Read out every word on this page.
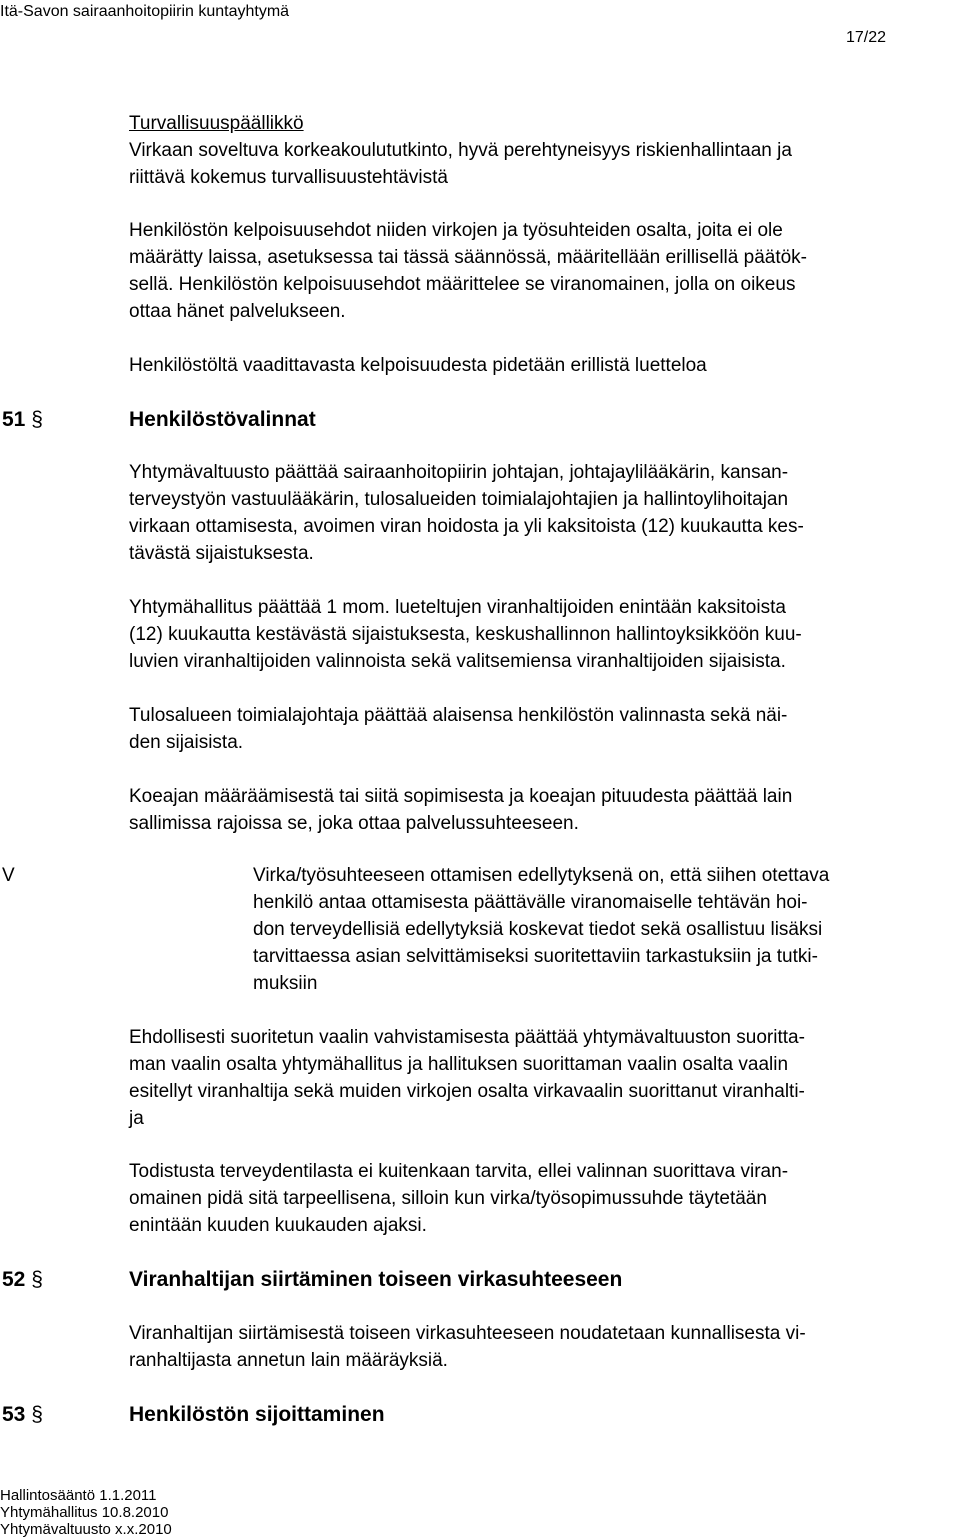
Itä-Savon sairaanhoitopiirin kuntayhtymä
17/22
Turvallisuuspäällikkö
Virkaan soveltuva korkeakoulututkinto, hyvä perehtyneisyys riskienhallintaan ja
riittävä kokemus turvallisuustehtävistä
Henkilöstön kelpoisuusehdot niiden virkojen ja työsuhteiden osalta, joita ei ole
määrätty laissa, asetuksessa tai tässä säännössä, määritellään erillisellä päätök-
sellä. Henkilöstön kelpoisuusehdot määrittelee se viranomainen, jolla on oikeus
ottaa hänet palvelukseen.
Henkilöstöltä vaadittavasta kelpoisuudesta pidetään erillistä luetteloa
51 §	Henkilöstövalinnat
Yhtymävaltuusto päättää sairaanhoitopiirin johtajan, johtajaylilääkärin, kansan-
terveystyön vastuulääkärin, tulosalueiden toimialajohtajien ja hallintoylihoitajan
virkaan ottamisesta, avoimen viran hoidosta ja yli kaksitoista (12) kuukautta kes-
tävästä sijaistuksesta.
Yhtymähallitus päättää 1 mom. lueteltujen viranhaltijoiden enintään kaksitoista
(12) kuukautta kestävästä sijaistuksesta, keskushallinnon hallintoyksikköön kuu-
luvien viranhaltijoiden valinnoista sekä valitsemiensa viranhaltijoiden sijaisista.
Tulosalueen toimialajohtaja päättää alaisensa henkilöstön valinnasta sekä näi-
den sijaisista.
Koeajan määräämisestä tai siitä sopimisesta ja koeajan pituudesta päättää lain
sallimissa rajoissa se, joka ottaa palvelussuhteeseen.
V	Virka/työsuhteeseen ottamisen edellytyksenä on, että siihen otettava
henkilö antaa ottamisesta päättävälle viranomaiselle tehtävän hoi-
don terveydellisiä edellytyksiä koskevat tiedot sekä osallistuu lisäksi
tarvittaessa asian selvittämiseksi suoritettaviin tarkastuksiin ja tutki-
muksiin
Ehdollisesti suoritetun vaalin vahvistamisesta päättää yhtymävaltuuston suoritta-
man vaalin osalta yhtymähallitus ja hallituksen suorittaman vaalin osalta vaalin
esitellyt viranhaltija sekä muiden virkojen osalta virkavaalin suorittanut viranhalti-
ja
Todistusta terveydentilasta ei kuitenkaan tarvita, ellei valinnan suorittava viran-
omainen pidä sitä tarpeellisena, silloin kun virka/työsopimussuhde täytetään
enintään kuuden kuukauden ajaksi.
52 §	Viranhaltijan siirtäminen toiseen virkasuhteeseen
Viranhaltijan siirtämisestä toiseen virkasuhteeseen noudatetaan kunnallisesta vi-
ranhaltijasta annetun lain määräyksiä.
53 §	Henkilöstön sijoittaminen
Hallintosääntö 1.1.2011
Yhtymähallitus 10.8.2010
Yhtymävaltuusto x.x.2010
